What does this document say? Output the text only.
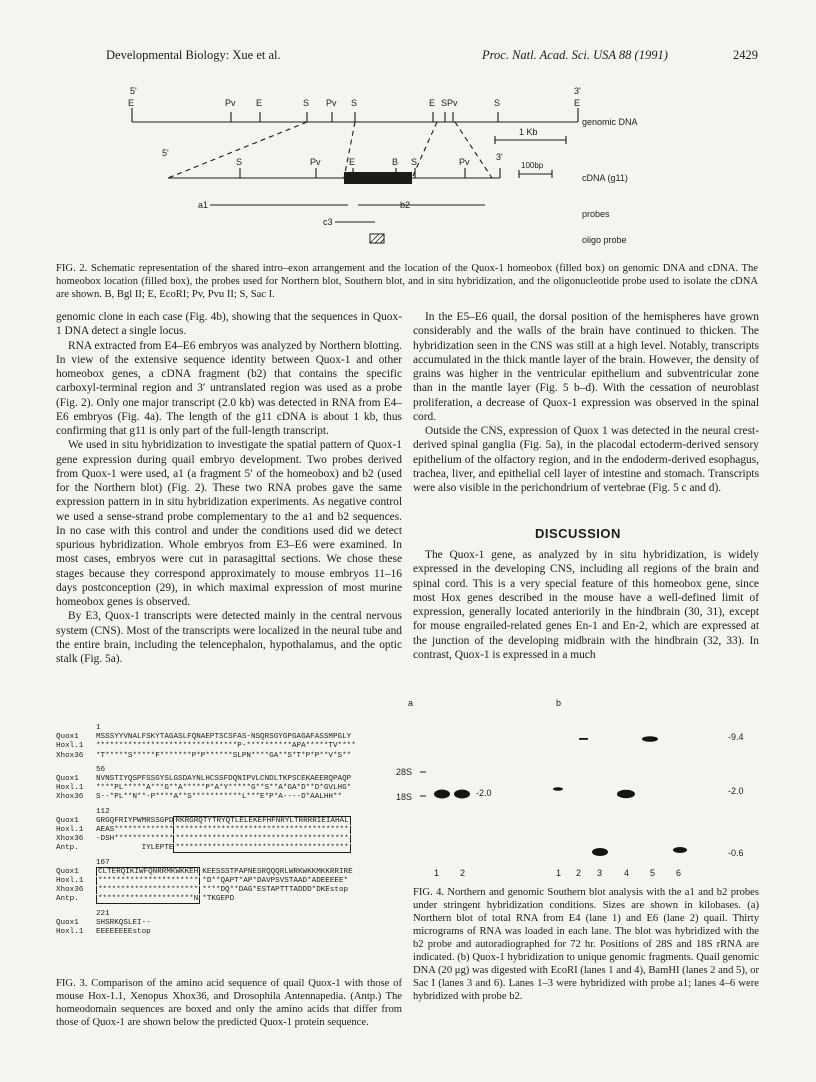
Developmental Biology: Xue et al.	Proc. Natl. Acad. Sci. USA 88 (1991)	2429
5'	3'
E	Pv E	S Pv S	E S Pv	S	E
genomic DNA
1 Kb
5'	3'
S	Pv	E	B S	Pv	100bp
cDNA (g11)
a1	b2
c3
probes
oligo probe
FIG. 2. Schematic representation of the shared intro–exon arrangement and the location of the Quox-1 homeobox (filled box) on genomic DNA and cDNA. The homeobox location (filled box), the probes used for Northern blot, Southern blot, and in situ hybridization, and the oligonucleotide probe used to isolate the cDNA are shown. B, Bgl II; E, EcoRI; Pv, Pvu II; S, Sac I.

genomic clone in each case (Fig. 4b), showing that the sequences in Quox-1 DNA detect a single locus.

RNA extracted from E4–E6 embryos was analyzed by Northern blotting. In view of the extensive sequence identity between Quox-1 and other homeobox genes, a cDNA fragment (b2) that contains the specific carboxyl-terminal region and 3′ untranslated region was used as a probe (Fig. 2). Only one major transcript (2.0 kb) was detected in RNA from E4–E6 embryos (Fig. 4a). The length of the g11 cDNA is about 1 kb, thus confirming that g11 is only part of the full-length transcript.

We used in situ hybridization to investigate the spatial pattern of Quox-1 gene expression during quail embryo development. Two probes derived from Quox-1 were used, a1 (a fragment 5′ of the homeobox) and b2 (used for the Northern blot) (Fig. 2). These two RNA probes gave the same expression pattern in in situ hybridization experiments. As negative control we used a sense-strand probe complementary to the a1 and b2 sequences. In no case with this control and under the conditions used did we detect spurious hybridization. Whole embryos from E3–E6 were examined. In most cases, embryos were cut in parasagittal sections. We chose these stages because they correspond approximately to mouse embryos 11–16 days postconception (29), in which maximal expression of most murine homeobox genes is observed.

By E3, Quox-1 transcripts were detected mainly in the central nervous system (CNS). Most of the transcripts were localized in the neural tube and the entire brain, including the telencephalon, hypothalamus, and the optic stalk (Fig. 5a).

In the E5–E6 quail, the dorsal position of the hemispheres have grown considerably and the walls of the brain have continued to thicken. The hybridization seen in the CNS was still at a high level. Notably, transcripts accumulated in the thick mantle layer of the brain. However, the density of grains was higher in the ventricular epithelium and subventricular zone than in the mantle layer (Fig. 5 b–d). With the cessation of neuroblast proliferation, a decrease of Quox-1 expression was observed in the spinal cord.

Outside the CNS, expression of Quox 1 was detected in the neural crest-derived spinal ganglia (Fig. 5a), in the placodal ectoderm-derived sensory epithelium of the olfactory region, and in the endoderm-derived esophagus, trachea, liver, and epithelial cell layer of intestine and stomach. Transcripts were also visible in the perichondrium of vertebrae (Fig. 5 c and d).

DISCUSSION

The Quox-1 gene, as analyzed by in situ hybridization, is widely expressed in the developing CNS, including all regions of the brain and spinal cord. This is a very special feature of this homeobox gene, since most Hox genes described in the mouse have a well-defined limit of expression, generally located anteriorily in the hindbrain (30, 31), except for mouse engrailed-related genes En-1 and En-2, which are expressed at the junction of the developing midbrain with the hindbrain (32, 33). In contrast, Quox-1 is expressed in a much

1
Quox1 MSSSYYVNALFSKYTAGASLFQNAEPTSCSFAS-NSQRSGYGPGAGAFASSMPGLY
Hoxl.1 *******************************P-**********APA*****TV****
Xhox36 *T*****S*****F*******P*P******SLPN****GA**S*T*P*P**V*S**
56
Quox1 NVNSTIYQSPFSSGYSLGSDAYNLHCSSFDQNIPVLCNDLTKPSCEKAEERQPAQP
Hoxl.1 ****PL*****A***G**A*****P*A*Y*****G**S**A*GA*D**D*GVLHG*
Xhox36 S--*PL**N**-P****A**S***********L***E*P*A----D*AALHH**
112
Quox1 GRGQFRIYPWMRSSGPD RKRGRQTYTRYQTLELEKEFHFNRYLTRRRRIEIAHAL
Hoxl.1 AEAS************* **************************************
Xhox36 -DSH************* **************************************
Antp.          IYLEPTE **************************************
167
Quox1	CLTERQIKIWFQNRRMKWKKEH KEESSSTPAPNESRQQQRLWRKWKKMKKRRIRE
Hoxl.1 ********************** *D**QAPT*AP*DAVPSVSTAAD*ADEEEEE*
Xhox36 ********************** ****DQ**DAG*ESTAPTTTADDD*DKEstop
Antp.	*********************N *TKGEPD
221
Quox1 SHSRKQSLEI--
Hoxl.1 EEEEEEEEstop
FIG. 3. Comparison of the amino acid sequence of quail Quox-1 with those of mouse Hox-1.1, Xenopus Xhox36, and Drosophila Antennapedia. (Antp.) The homeodomain sequences are boxed and only the amino acids that differ from those of Quox-1 are shown below the predicted Quox-1 protein sequence.
a	b
28S
18S	-2.0
-9.4
-2.0
-0.6
1 2	1 2 3 4 5 6
FIG. 4. Northern and genomic Southern blot analysis with the a1 and b2 probes under stringent hybridization conditions. Sizes are shown in kilobases. (a) Northern blot of total RNA from E4 (lane 1) and E6 (lane 2) quail. Thirty micrograms of RNA was loaded in each lane. The blot was hybridized with the b2 probe and autoradiographed for 72 hr. Positions of 28S and 18S rRNA are indicated. (b) Quox-1 hybridization to unique genomic fragments. Quail genomic DNA (20 μg) was digested with EcoRI (lanes 1 and 4), BamHI (lanes 2 and 5), or Sac I (lanes 3 and 6). Lanes 1–3 were hybridized with probe a1; lanes 4–6 were hybridized with probe b2.
